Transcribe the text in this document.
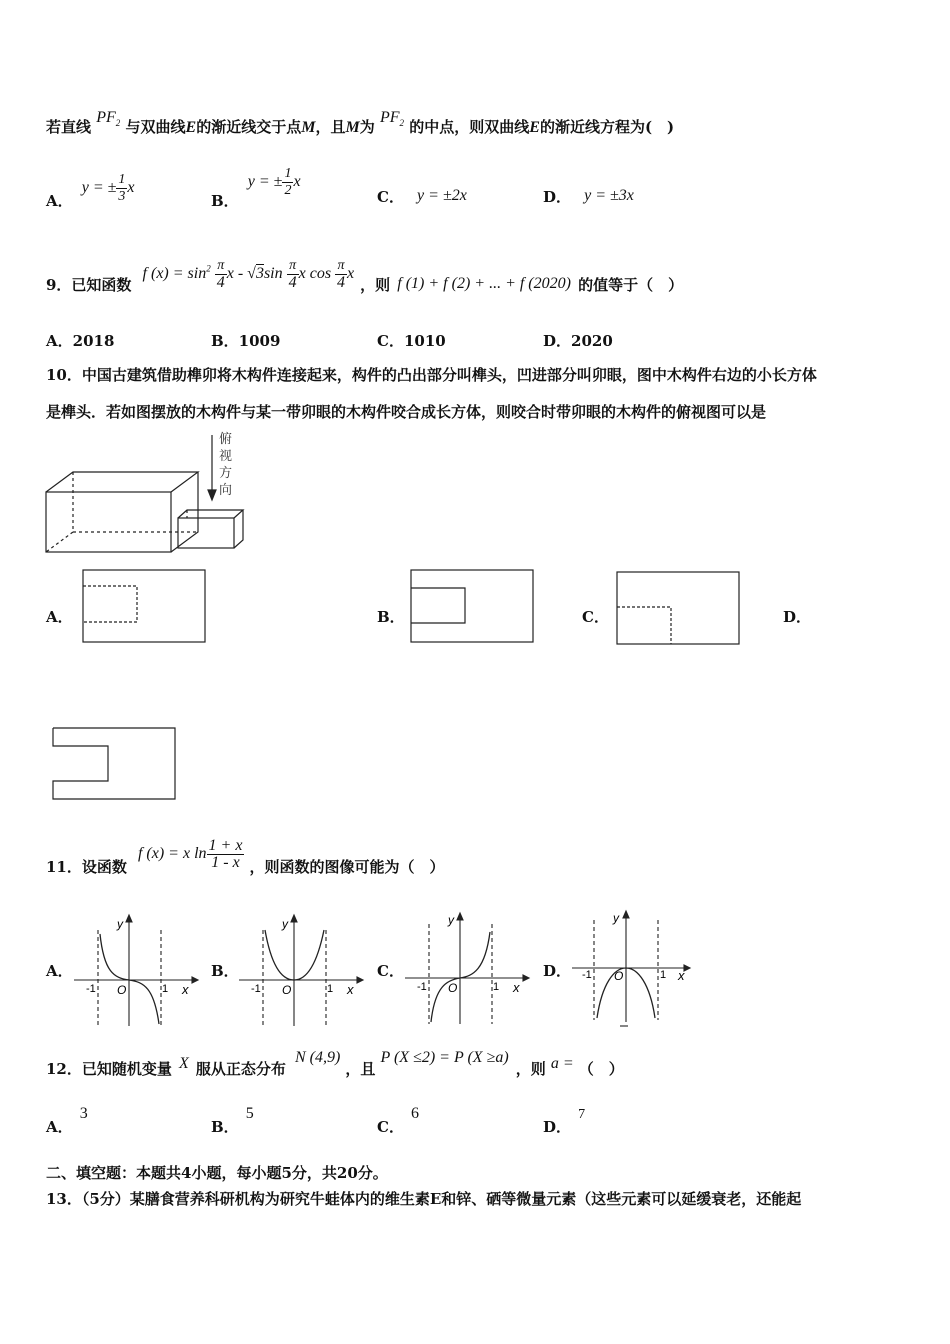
若直线 $PF_2$ 与双曲线E的渐近线交于点M，且M为 $PF_2$ 的中点，则双曲线E的渐近线方程为(　)
A． y = ± $\frac{1}{3}$ x
B． y = ± $\frac{1}{2}$ x
C． y = ±2x	D． y = ±3x
9．已知函数 f $(x) = \sin^2 \frac{\pi}{4}$ x - $√3\sin \frac{\pi}{4}$ x $\cos \frac{\pi}{4}$ x ，则 f (1) + f (2) + ... + f (2020) 的值等于（　）
A．2018	B．1009	C．1010	D．2020
10．中国古建筑借助榫卯将木构件连接起来，构件的凸出部分叫榫头，凹进部分叫卯眼，图中木构件右边的小长方体
是榫头．若如图摆放的木构件与某一带卯眼的木构件咬合成长方体，则咬合时带卯眼的木构件的俯视图可以是
俯
视
方
向
A．	B．	C．	D．
11．设函数 f (x) = x $\ln \frac{1 + x}{1 - x}$ ，则函数的图像可能为（　）
A．
y
-1 O	1 x
B．
y
-1 O	1 x
C．
y
-1 O	1 x
D．
y
-1 O	1 x
12．已知随机变量 X 服从正态分布 N (4,9) ，且 P (X ≤2) = P (X ≥a) ，则 a = （　）
A． 3
B． 5
C． 6
D． 7
二、填空题：本题共4小题，每小题5分，共20分。
13．（5分）某膳食营养科研机构为研究牛蛙体内的维生素E和锌、硒等微量元素（这些元素可以延缓衰老，还能起
